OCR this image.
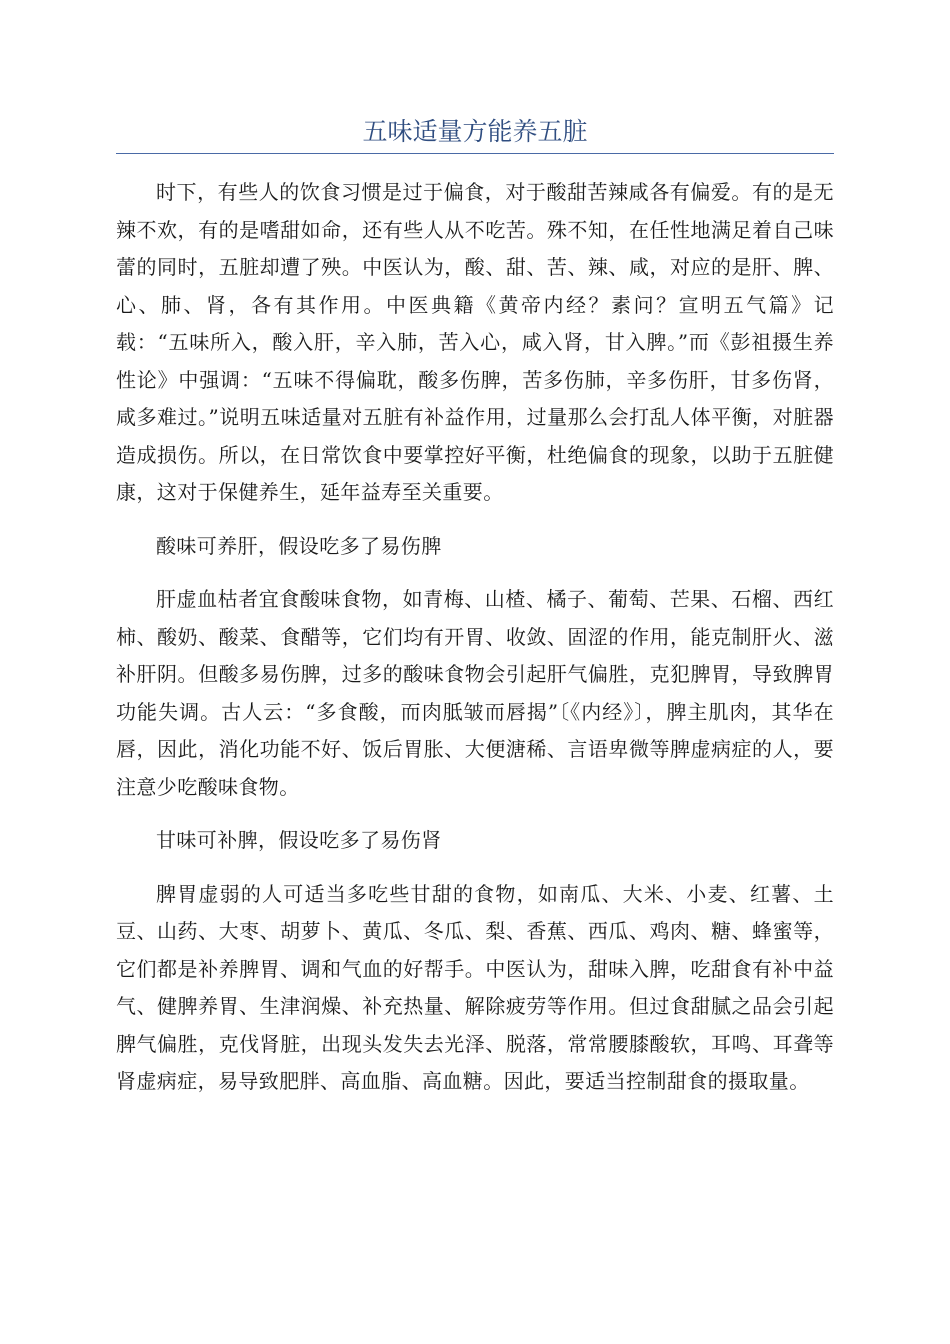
五味适量方能养五脏

时下，有些人的饮食习惯是过于偏食，对于酸甜苦辣咸各有偏爱。有的是无辣不欢，有的是嗜甜如命，还有些人从不吃苦。殊不知，在任性地满足着自己味蕾的同时，五脏却遭了殃。中医认为，酸、甜、苦、辣、咸，对应的是肝、脾、心、肺、肾，各有其作用。中医典籍《黄帝内经？素问？宣明五气篇》记载：“五味所入，酸入肝，辛入肺，苦入心，咸入肾，甘入脾。”而《彭祖摄生养性论》中强调：“五味不得偏耽，酸多伤脾，苦多伤肺，辛多伤肝，甘多伤肾，咸多难过。”说明五味适量对五脏有补益作用，过量那么会打乱人体平衡，对脏器造成损伤。所以，在日常饮食中要掌控好平衡，杜绝偏食的现象，以助于五脏健康，这对于保健养生，延年益寿至关重要。

酸味可养肝，假设吃多了易伤脾

肝虚血枯者宜食酸味食物，如青梅、山楂、橘子、葡萄、芒果、石榴、西红柿、酸奶、酸菜、食醋等，它们均有开胃、收敛、固涩的作用，能克制肝火、滋补肝阴。但酸多易伤脾，过多的酸味食物会引起肝气偏胜，克犯脾胃，导致脾胃功能失调。古人云：“多食酸，而肉胝皱而唇揭”〔《内经》〕，脾主肌肉，其华在唇，因此，消化功能不好、饭后胃胀、大便溏稀、言语卑微等脾虚病症的人，要注意少吃酸味食物。

甘味可补脾，假设吃多了易伤肾

脾胃虚弱的人可适当多吃些甘甜的食物，如南瓜、大米、小麦、红薯、土豆、山药、大枣、胡萝卜、黄瓜、冬瓜、梨、香蕉、西瓜、鸡肉、糖、蜂蜜等，它们都是补养脾胃、调和气血的好帮手。中医认为，甜味入脾，吃甜食有补中益气、健脾养胃、生津润燥、补充热量、解除疲劳等作用。但过食甜腻之品会引起脾气偏胜，克伐肾脏，出现头发失去光泽、脱落，常常腰膝酸软，耳鸣、耳聋等肾虚病症，易导致肥胖、高血脂、高血糖。因此，要适当控制甜食的摄取量。
